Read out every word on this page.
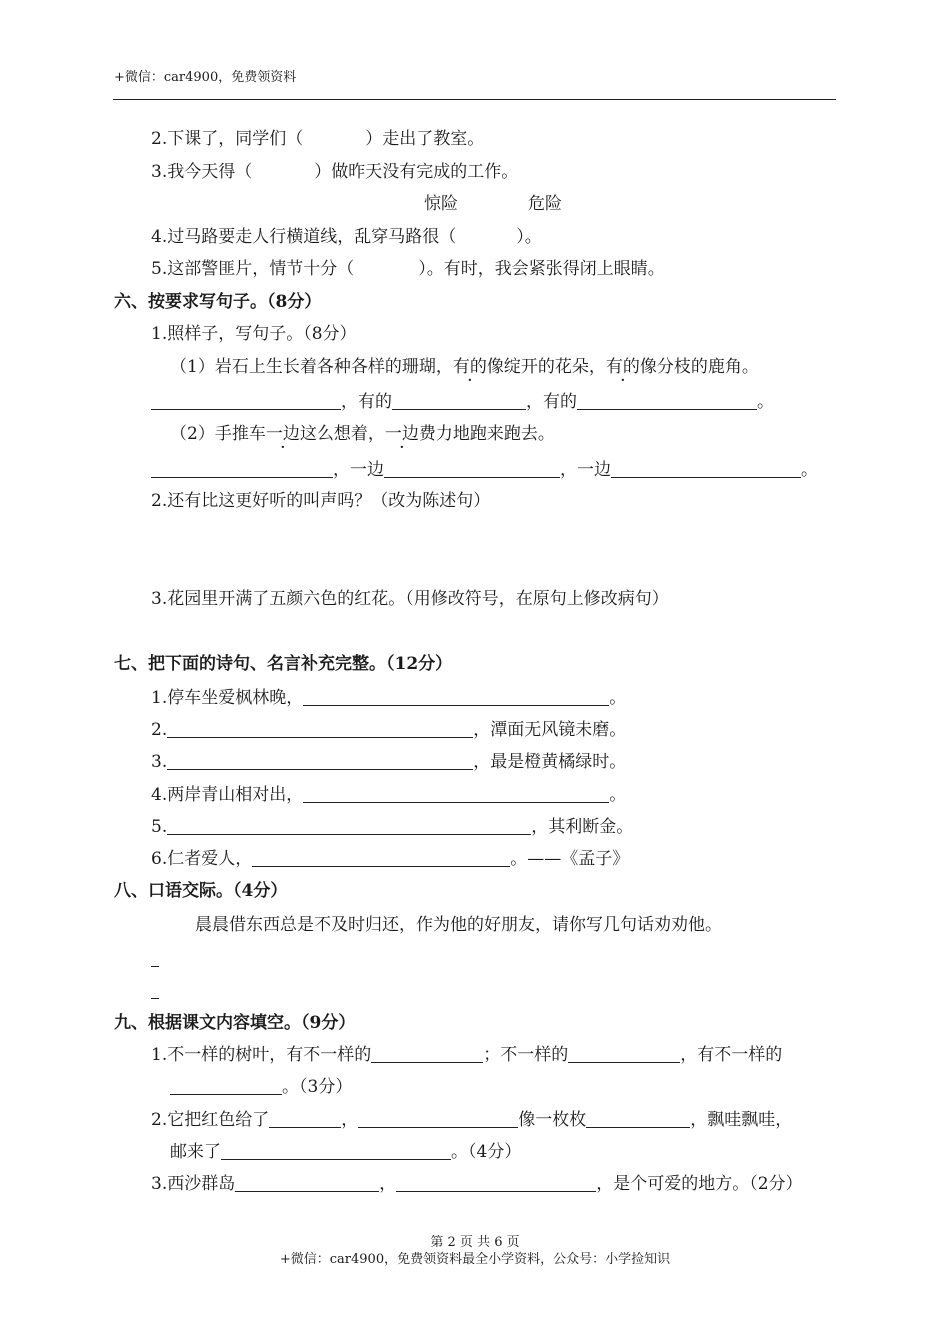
+微信：car4900，免费领资料
2.下课了，同学们（	）走出了教室。
3.我今天得（	）做昨天没有完成的工作。
惊险	危险
4.过马路要走人行横道线，乱穿马路很（	）。
5.这部警匪片，情节十分（	）。有时，我会紧张得闭上眼睛。
六、按要求写句子。（8分）
1.照样子，写句子。（8分）
（1）岩石上生长着各种各样的珊瑚，有的像绽开的花朵，有的像分枝的鹿角。
，有的	，有的	。
（2）手推车一边这么想着，一边费力地跑来跑去。
，一边	，一边	。
2.还有比这更好听的叫声吗？（改为陈述句）
3.花园里开满了五颜六色的红花。（用修改符号，在原句上修改病句）
七、把下面的诗句、名言补充完整。（12分）
1.停车坐爱枫林晚，	。
2.	，潭面无风镜未磨。
3.	，最是橙黄橘绿时。
4.两岸青山相对出，	。
5.	，其利断金。
6.仁者爱人，	。——《孟子》
八、口语交际。（4分）
晨晨借东西总是不及时归还，作为他的好朋友，请你写几句话劝劝他。
九、根据课文内容填空。（9分）
1.不一样的树叶，有不一样的	；不一样的	，有不一样的
。（3分）
2.它把红色给了	，	像一枚枚	，飘哇飘哇，
邮来了	。（4分）
3.西沙群岛	，	，是个可爱的地方。（2分）
第 2 页 共 6 页
+微信：car4900，免费领资料最全小学资料，公众号：小学捡知识
